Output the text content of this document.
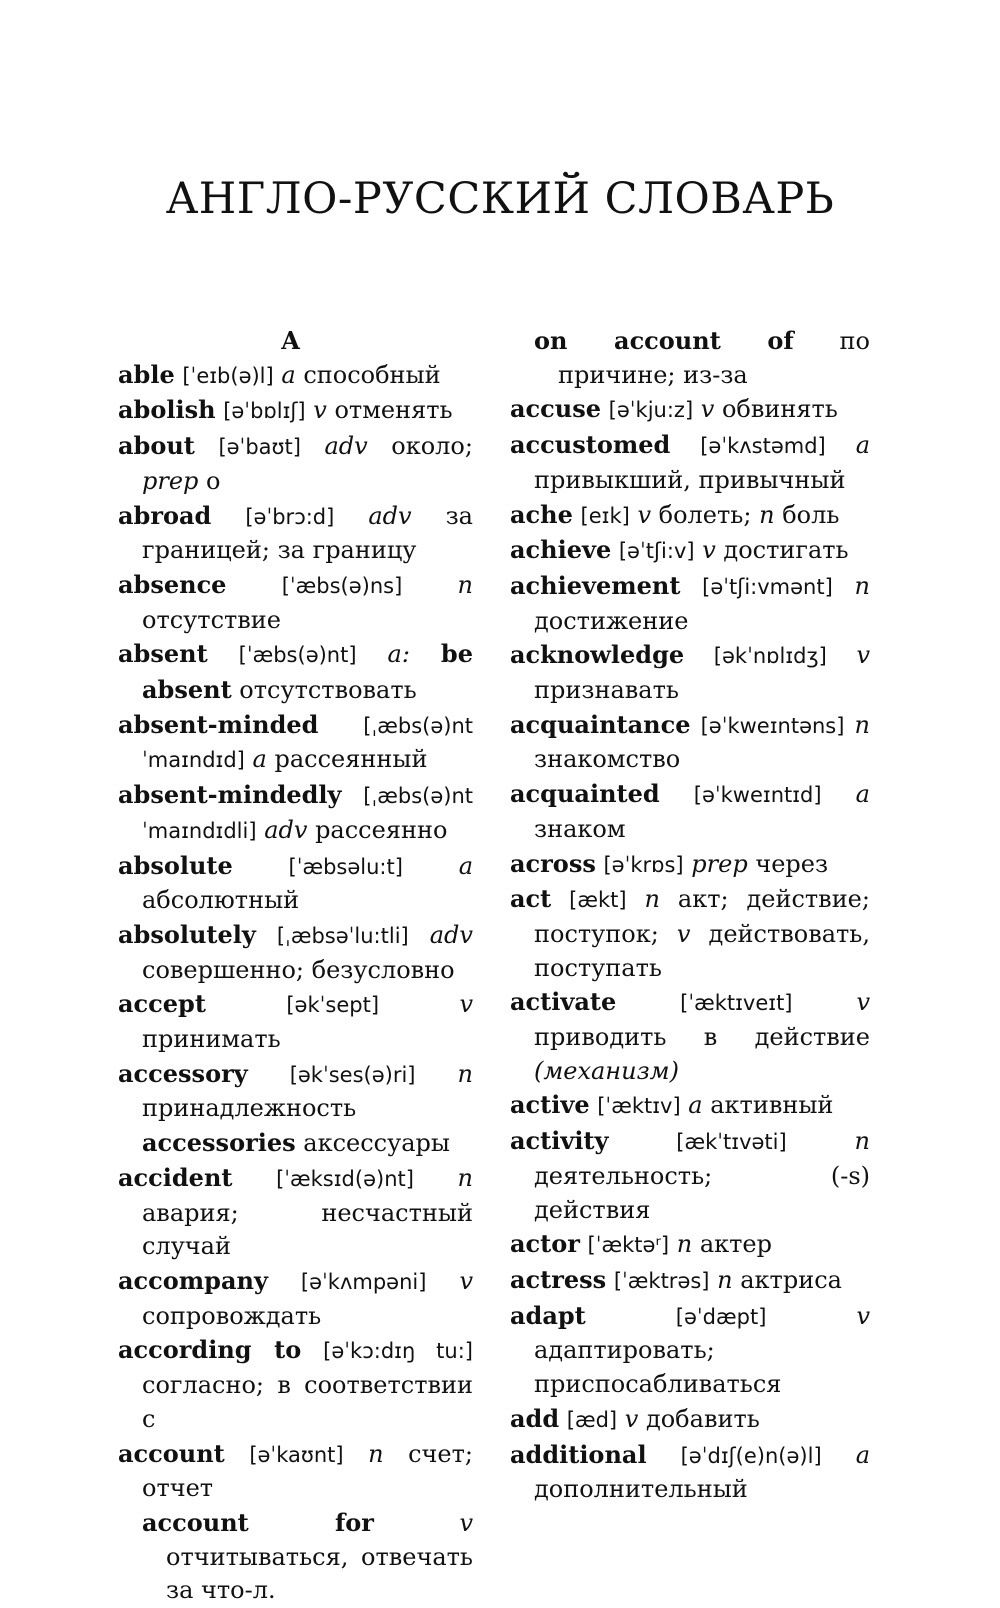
АНГЛО-РУССКИЙ СЛОВАРЬ
A
able [ˈeɪb(ə)l] a способный
abolish [əˈbɒlɪʃ] v отменять
about [əˈbaʊt] adv около; prep о
abroad [əˈbrɔ:d] adv за границей; за границу
absence	[ˈæbs(ə)ns] n отсутствие
absent [ˈæbs(ə)nt] a: be absent отсутствовать
absent-minded [ˌæbs(ə)nt ˈmaɪndɪd] a рассеянный
absent-mindedly [ˌæbs(ə)nt ˈmaɪndɪdli] adv рассеянно
absolute	[ˈæbsəlu:t] a абсолютный
absolutely [ˌæbsəˈlu:tli] adv совершенно; безусловно
accept	[əkˈsept]	v принимать
accessory [əkˈses(ə)ri] n принадлежность
accessories аксессуары
accident [ˈæksɪd(ə)nt] n авария; несчастный случай
accompany [əˈkʌmpəni] v сопровождать
according to [əˈkɔ:dɪŋ tu:] согласно; в соответствии с
account [əˈkaʊnt] n счет; отчет
account for	v отчитываться, отвечать за что-л.
on account of по причине; из-за
accuse [əˈkju:z] v обвинять
accustomed [əˈkʌstəmd] a привыкший, привычный
ache [eɪk] v болеть; n боль
achieve [əˈtʃi:v] v достигать
achievement [əˈtʃi:vmənt] n достижение
acknowledge [əkˈnɒlɪdʒ] v признавать
acquaintance [əˈkweɪntəns] n знакомство
acquainted [əˈkweɪntɪd] a знаком
across [əˈkrɒs] prep через
act [ækt] n акт; действие; поступок; v действовать, поступать
activate	[ˈæktɪveɪt]	v приводить в действие (механизм)
active [ˈæktɪv] a активный
activity	[ækˈtɪvəti]	n деятельность; (-s) действия
actor [ˈæktəʳ] n актер
actress [ˈæktrəs] n актриса
adapt	[əˈdæpt]	v адаптировать; приспосабливаться
add [æd] v добавить
additional [əˈdɪʃ(e)n(ə)l] a дополнительный
